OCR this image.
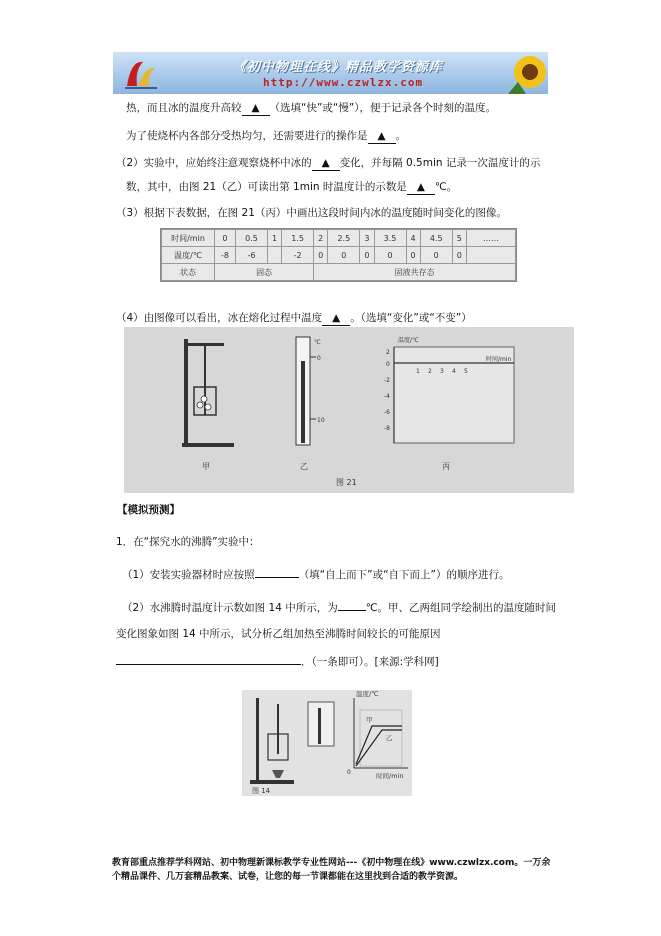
《初中物理在线》精品教学资源库
http://www.czwlzx.com
热，而且冰的温度升高较 ▲ （选填“快”或“慢”），便于记录各个时刻的温度。
为了使烧杯内各部分受热均匀，还需要进行的操作是 ▲ 。
（2）实验中，应始终注意观察烧杯中冰的 ▲ 变化，并每隔 0.5min 记录一次温度计的示
数，其中，由图 21（乙）可读出第 1min 时温度计的示数是 ▲ ℃。
（3）根据下表数据，在图 21（丙）中画出这段时间内冰的温度随时间变化的图像。
时间/min	0	0.5	1	1.5	2	2.5	3	3.5	4	4.5	5	……
温度/℃	-8	-6		-2	0	0	0	0	0	0	0	
状态	固态				固液共存态							
（4）由图像可以看出，冰在熔化过程中温度 ▲ 。（选填“变化”或“不变”）
甲
℃
0
10
乙
温度/℃
时间/min
1 2 3 4 5
2
0
-2
-4
-6
-8
丙
图 21
【模拟预测】
1．在“探究水的沸腾”实验中：
（1）安装实验器材时应按照	（填“自上而下”或“自下而上”）的顺序进行。
（2）水沸腾时温度计示数如图 14 中所示，为	℃。甲、乙两组同学绘制出的温度随时间
变化图象如图 14 中所示，试分析乙组加热至沸腾时间较长的可能原因
．（一条即可）。[来源:学科网]
温度/℃
时间/min
甲
乙
0
图 14
教育部重点推荐学科网站、初中物理新课标教学专业性网站---《初中物理在线》www.czwlzx.com。一万余个精品课件、几万套精品教案、试卷，让您的每一节课都能在这里找到合适的教学资源。
